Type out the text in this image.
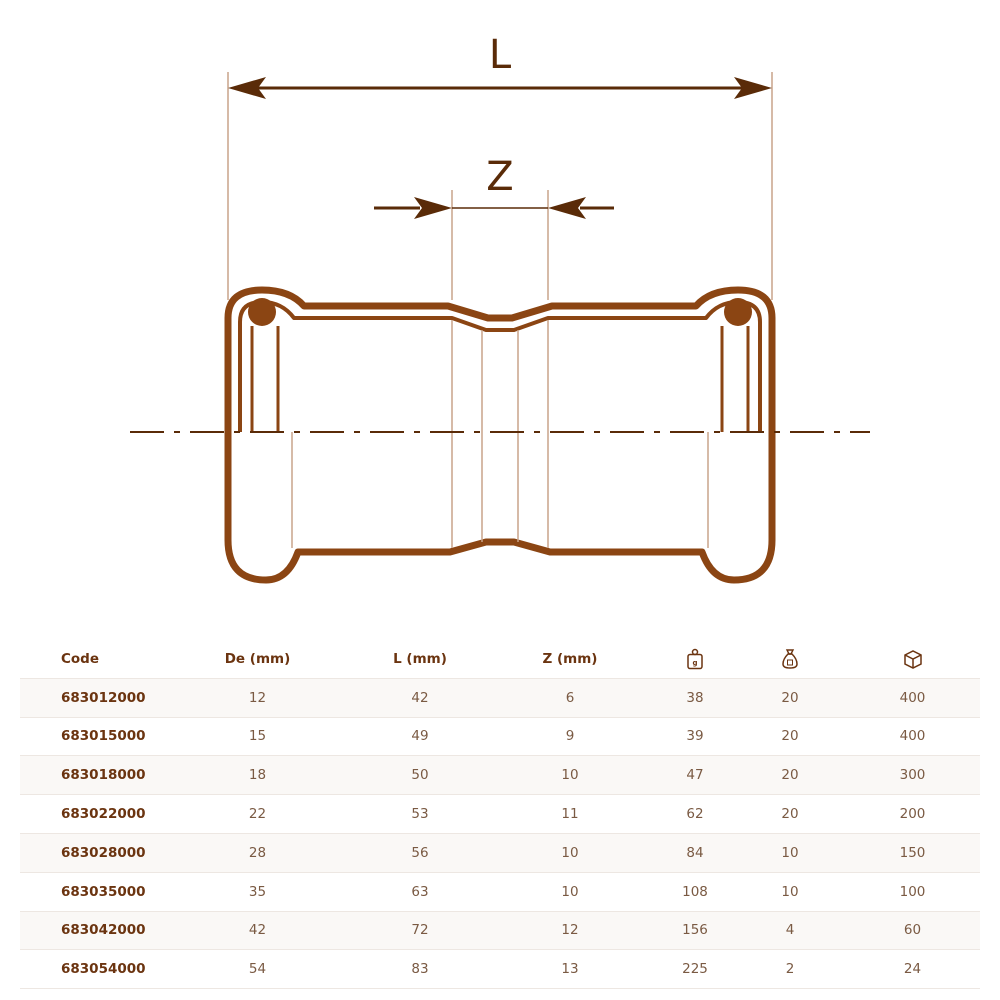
L
Z
Code	De (mm)	L (mm)	Z (mm)	g

683012000	12	42	6	38	20	400
683015000	15	49	9	39	20	400
683018000	18	50	10	47	20	300
683022000	22	53	11	62	20	200
683028000	28	56	10	84	10	150
683035000	35	63	10	108	10	100
683042000	42	72	12	156	4	60
683054000	54	83	13	225	2	24
